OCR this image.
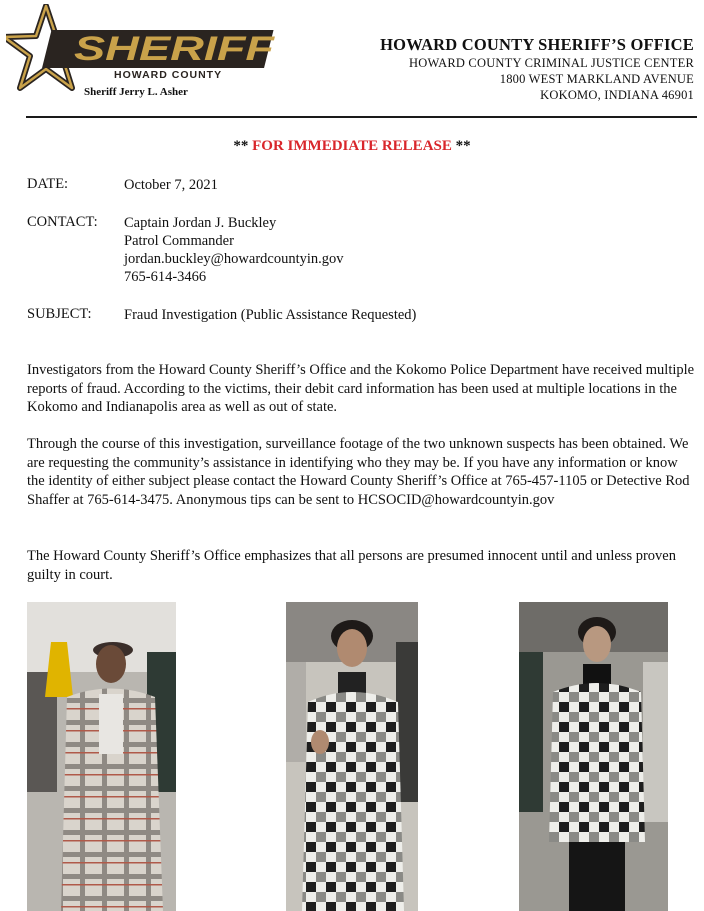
SHERIFF
HOWARD COUNTY
Sheriff Jerry L. Asher
HOWARD COUNTY SHERIFF’S OFFICE
HOWARD COUNTY CRIMINAL JUSTICE CENTER
1800 WEST MARKLAND AVENUE
KOKOMO, INDIANA 46901
** FOR IMMEDIATE RELEASE **
DATE:	October 7, 2021
CONTACT: Captain Jordan J. Buckley
Patrol Commander
jordan.buckley@howardcountyin.gov
765-614-3466
SUBJECT: Fraud Investigation (Public Assistance Requested)
Investigators from the Howard County Sheriff’s Office and the Kokomo Police Department have received multiple reports of fraud. According to the victims, their debit card information has been used at multiple locations in the Kokomo and Indianapolis area as well as out of state.
Through the course of this investigation, surveillance footage of the two unknown suspects has been obtained. We are requesting the community’s assistance in identifying who they may be. If you have any information or know the identity of either subject please contact the Howard County Sheriff’s Office at 765-457-1105 or Detective Rod Shaffer at 765-614-3475. Anonymous tips can be sent to HCSOCID@howardcountyin.gov
The Howard County Sheriff’s Office emphasizes that all persons are presumed innocent until and unless proven guilty in court.
